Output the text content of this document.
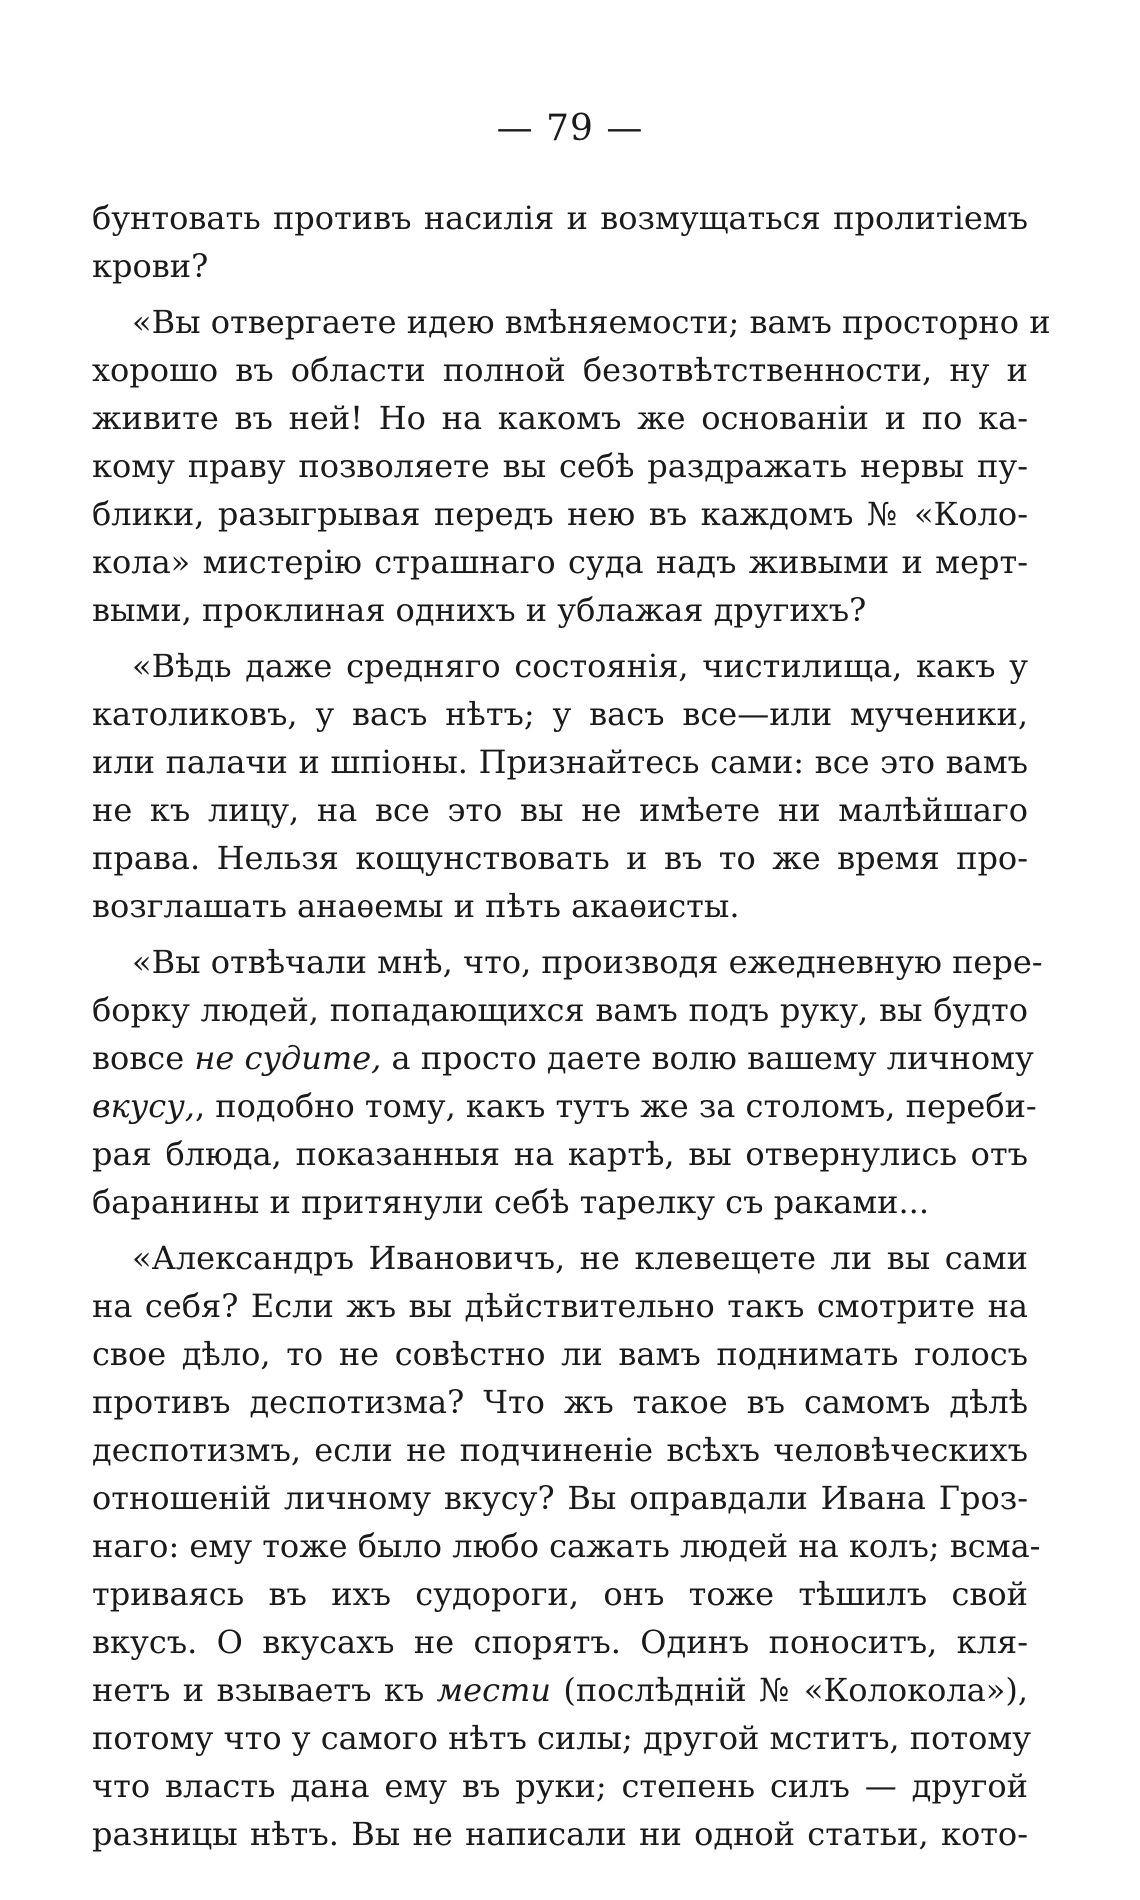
— 79 —
бунтовать противъ насилія и возмущаться пролитіемъ
крови?
«Вы отвергаете идею вмѣняемости; вамъ просторно и
хорошо въ области полной безотвѣтственности, ну и
живите въ ней! Но на какомъ же основаніи и по ка-
кому праву позволяете вы себѣ раздражать нервы пу-
блики, разыгрывая передъ нею въ каждомъ № «Коло-
кола» мистерію страшнаго суда надъ живыми и мерт-
выми, проклиная однихъ и ублажая другихъ?
«Вѣдь даже средняго состоянія, чистилища, какъ у
католиковъ, у васъ нѣтъ; у васъ все—или мученики,
или палачи и шпіоны. Признайтесь сами: все это вамъ
не къ лицу, на все это вы не имѣете ни малѣйшаго
права. Нельзя кощунствовать и въ то же время про-
возглашать анаѳемы и пѣть акаѳисты.
«Вы отвѣчали мнѣ, что, производя ежедневную пере-
борку людей, попадающихся вамъ подъ руку, вы будто
вовсе не судите, а просто даете волю вашему личному
вкусу,, подобно тому, какъ тутъ же за столомъ, переби-
рая блюда, показанныя на картѣ, вы отвернулись отъ
баранины и притянули себѣ тарелку съ раками...
«Александръ Ивановичъ, не клевещете ли вы сами
на себя? Если жъ вы дѣйствительно такъ смотрите на
свое дѣло, то не совѣстно ли вамъ поднимать голосъ
противъ деспотизма? Что жъ такое въ самомъ дѣлѣ
деспотизмъ, если не подчиненіе всѣхъ человѣческихъ
отношеній личному вкусу? Вы оправдали Ивана Гроз-
наго: ему тоже было любо сажать людей на колъ; всма-
триваясь въ ихъ судороги, онъ тоже тѣшилъ свой
вкусъ. О вкусахъ не спорятъ. Одинъ поноситъ, кля-
нетъ и взываетъ къ мести (послѣдній № «Колокола»),
потому что у самого нѣтъ силы; другой мститъ, потому
что власть дана ему въ руки; степень силъ — другой
разницы нѣтъ. Вы не написали ни одной статьи, кото-
